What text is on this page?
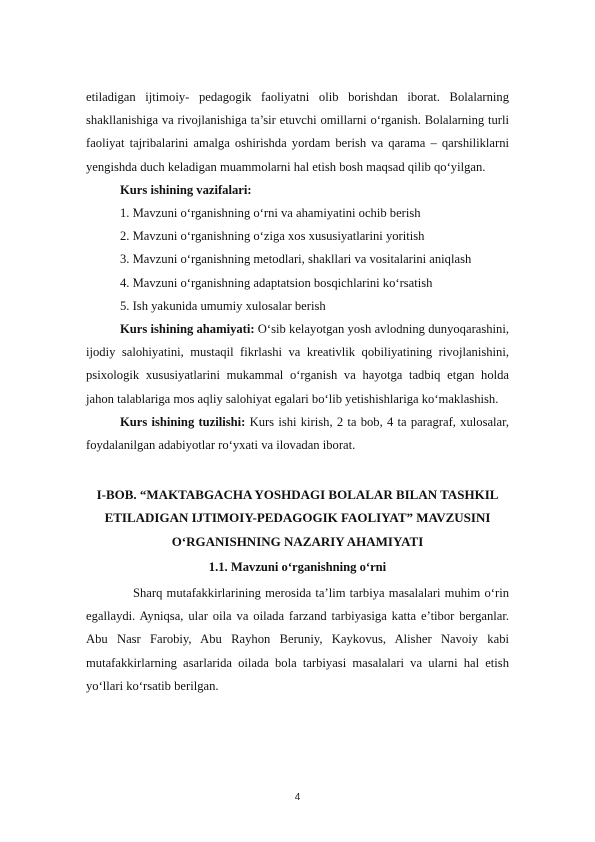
etiladigan ijtimoiy- pedagogik faoliyatni olib borishdan iborat. Bolalarning shakllanishiga va rivojlanishiga ta’sir etuvchi omillarni o‘rganish. Bolalarning turli faoliyat tajribalarini amalga oshirishda yordam berish va qarama – qarshiliklarni yengishda duch keladigan muammolarni hal etish bosh maqsad qilib qo‘yilgan.

Kurs ishining vazifalari:

1. Mavzuni o‘rganishning o‘rni va ahamiyatini ochib berish

2. Mavzuni o‘rganishning o‘ziga xos xususiyatlarini yoritish

3. Mavzuni o‘rganishning metodlari, shakllari va vositalarini aniqlash

4. Mavzuni o‘rganishning adaptatsion bosqichlarini ko‘rsatish

5. Ish yakunida umumiy xulosalar berish

Kurs ishining ahamiyati: O‘sib kelayotgan yosh avlodning dunyoqarashini, ijodiy salohiyatini, mustaqil fikrlashi va kreativlik qobiliyatining rivojlanishini, psixologik xususiyatlarini mukammal o‘rganish va hayotga tadbiq etgan holda jahon talablariga mos aqliy salohiyat egalari bo‘lib yetishishlariga ko‘maklashish.

Kurs ishining tuzilishi: Kurs ishi kirish, 2 ta bob, 4 ta paragraf, xulosalar, foydalanilgan adabiyotlar ro‘yxati va ilovadan iborat.

I-BOB. “MAKTABGACHA YOSHDAGI BOLALAR BILAN TASHKIL ETILADIGAN IJTIMOIY-PEDAGOGIK FAOLIYAT” MAVZUSINI O‘RGANISHNING NAZARIY AHAMIYATI

1.1. Mavzuni o‘rganishning o‘rni

Sharq mutafakkirlarining merosida ta’lim tarbiya masalalari muhim o‘rin egallaydi. Ayniqsa, ular oila va oilada farzand tarbiyasiga katta e’tibor berganlar. Abu Nasr Farobiy, Abu Rayhon Beruniy, Kaykovus, Alisher Navoiy kabi mutafakkirlarning asarlarida oilada bola tarbiyasi masalalari va ularni hal etish yo‘llari ko‘rsatib berilgan.

4
